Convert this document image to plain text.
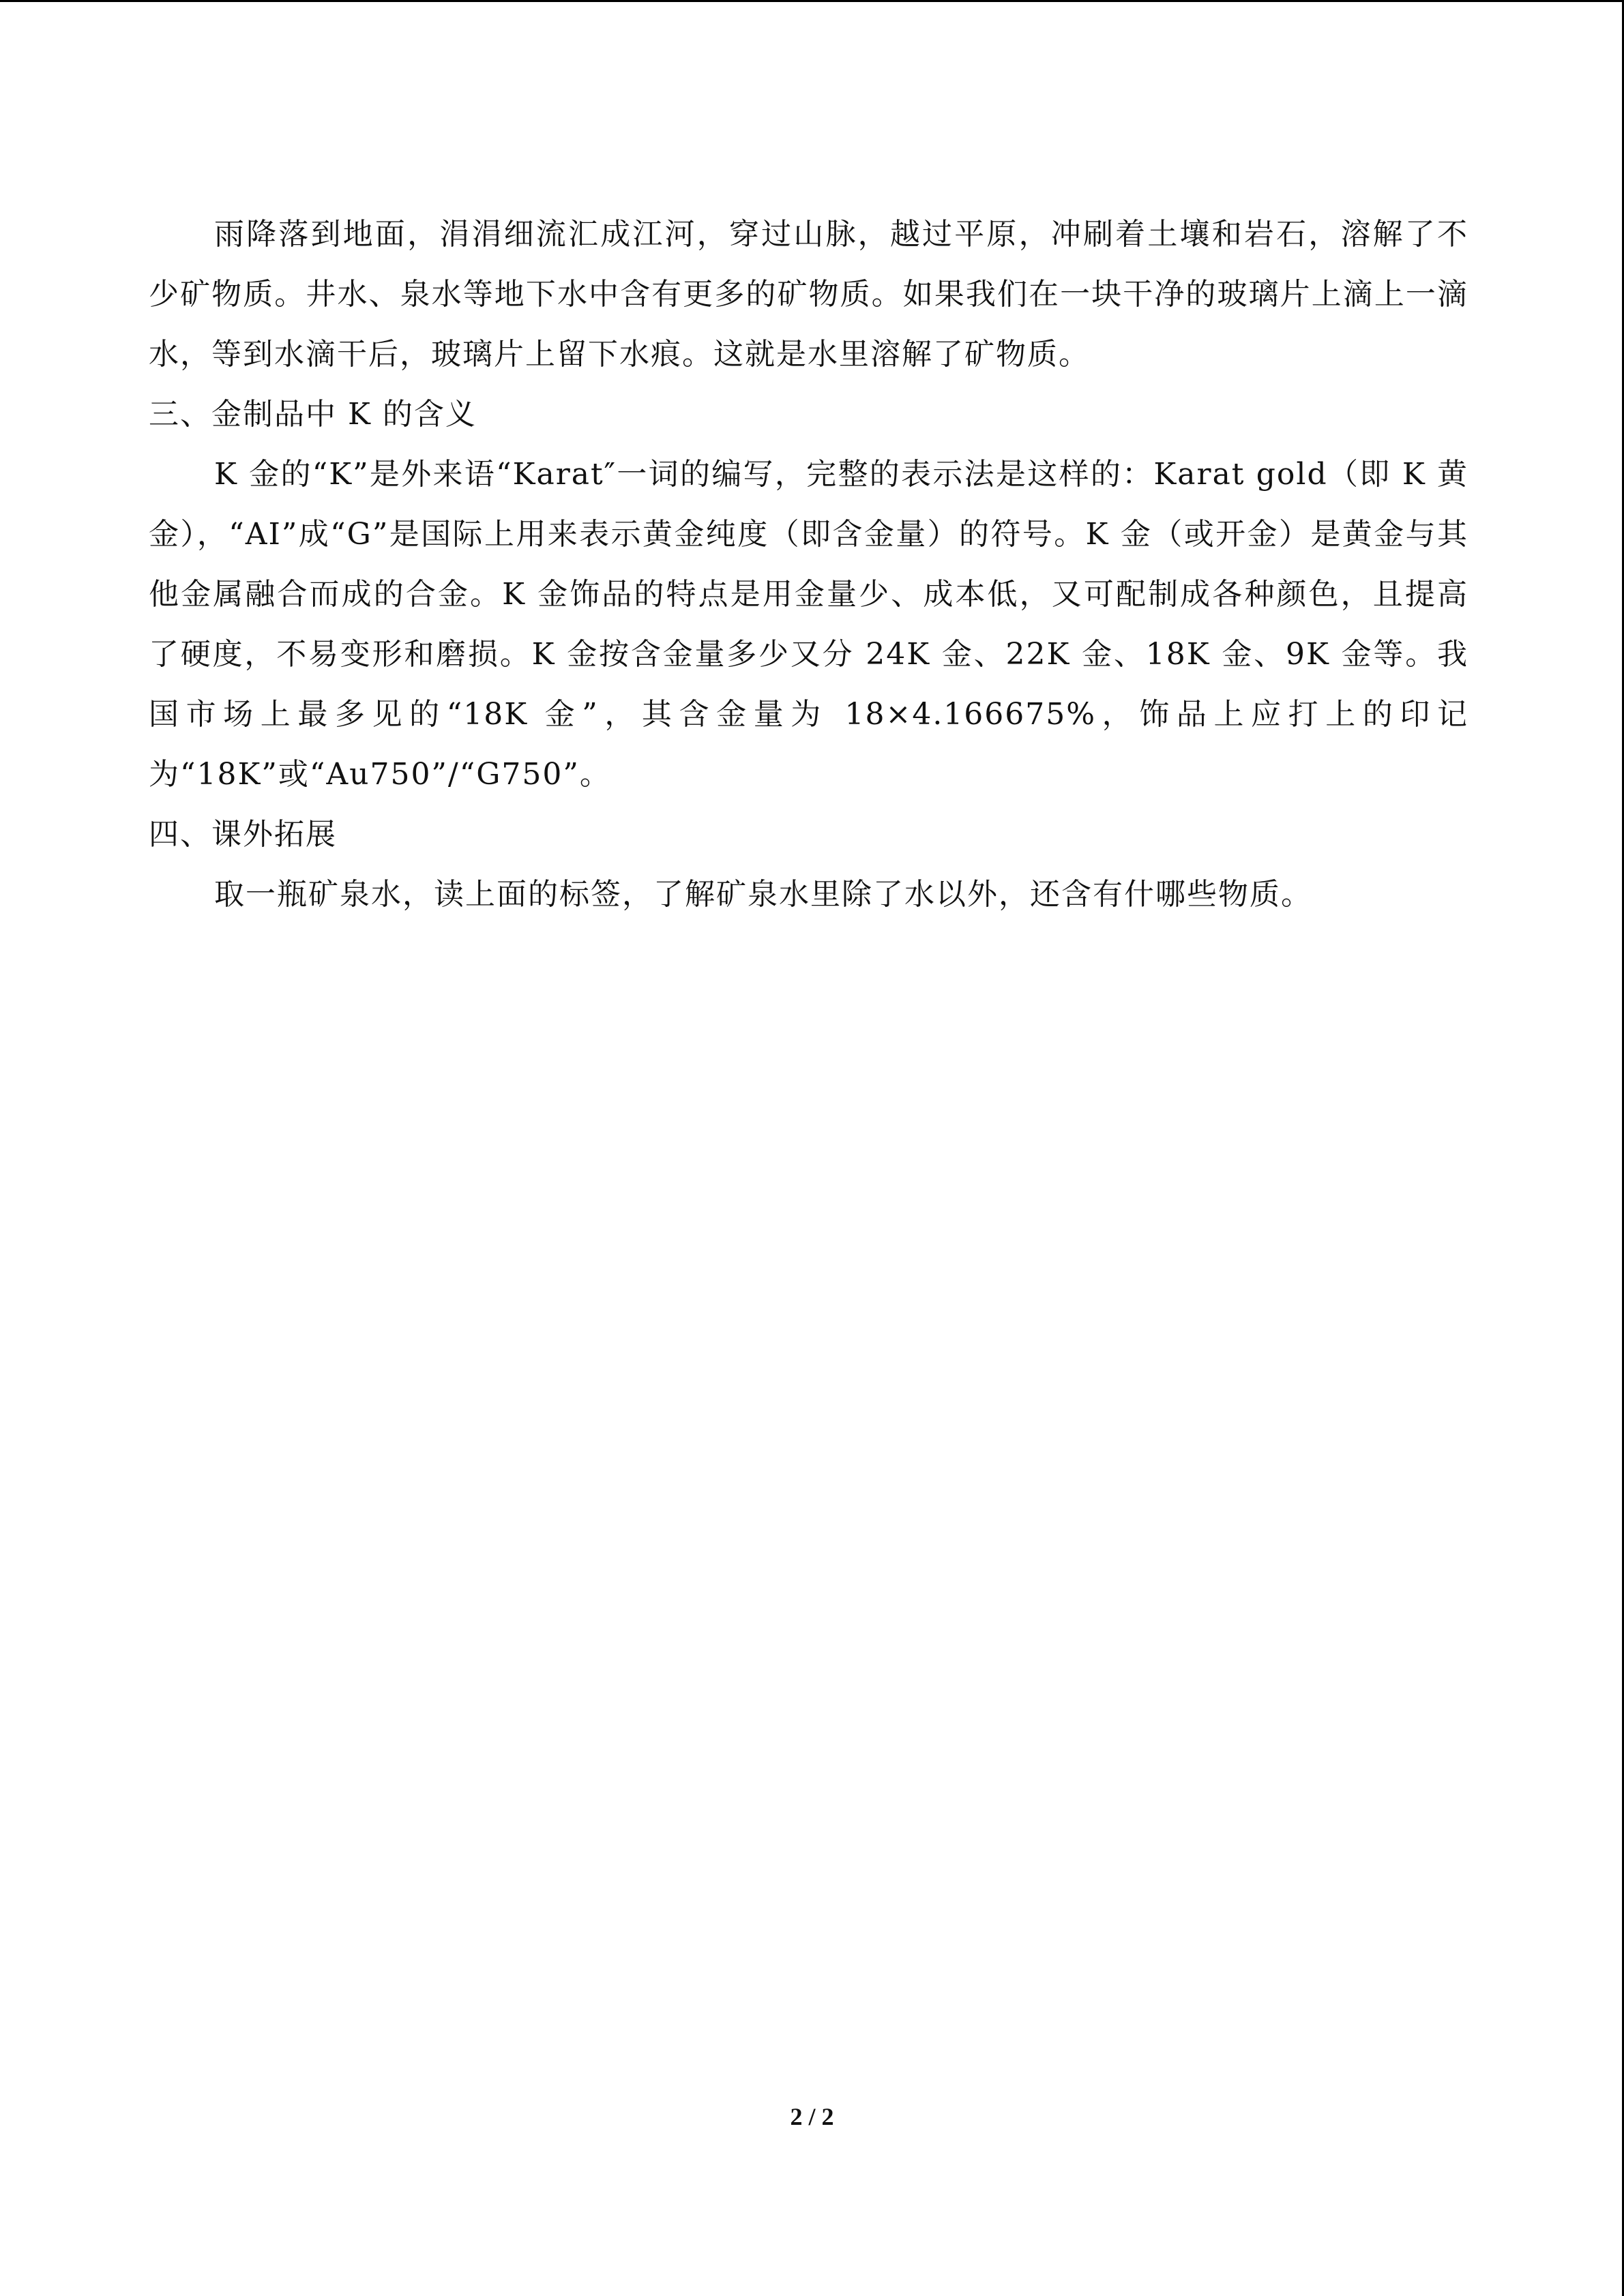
雨降落到地面，涓涓细流汇成江河，穿过山脉，越过平原，冲刷着土壤和岩石，溶解了不少矿物质。井水、泉水等地下水中含有更多的矿物质。如果我们在一块干净的玻璃片上滴上一滴水，等到水滴干后，玻璃片上留下水痕。这就是水里溶解了矿物质。

三、金制品中 K 的含义

K 金的“K”是外来语“Karat″一词的编写，完整的表示法是这样的：Karat gold（即 K 黄金），“AI”成“G”是国际上用来表示黄金纯度（即含金量）的符号。K 金（或开金）是黄金与其他金属融合而成的合金。K 金饰品的特点是用金量少、成本低，又可配制成各种颜色，且提高了硬度，不易变形和磨损。K 金按含金量多少又分 24K 金、22K 金、18K 金、9K 金等。我国市场上最多见的“18K 金”，其含金量为 18×4.166675%，饰品上应打上的印记为“18K”或“Au750”/“G750”。

四、课外拓展

取一瓶矿泉水，读上面的标签，了解矿泉水里除了水以外，还含有什哪些物质。

2 / 2
